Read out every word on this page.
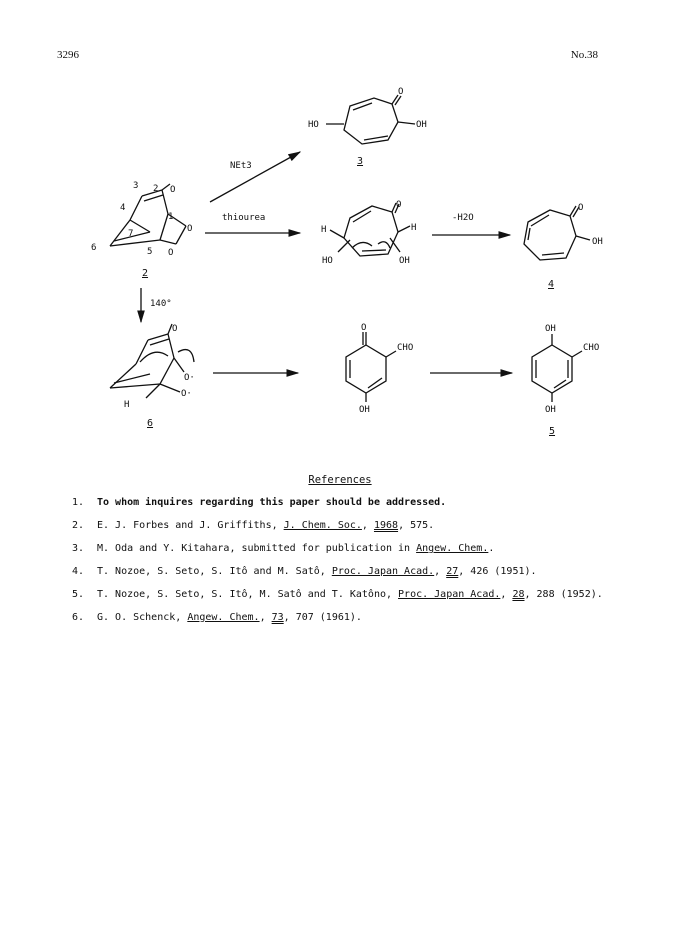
3296	No.38
O
HO	OH
3
3 2 O
4
1
7	O
6	5 O
2
NEt3
thiourea
140°
O
H	H
HO	OH
-H2O
O
OH
4
O
O·
O·
H
6
O
CHO
OH
OH
CHO
OH
5
References
1. To whom inquires regarding this paper should be addressed.
2. E. J. Forbes and J. Griffiths, J. Chem. Soc., 1968, 575.
3. M. Oda and Y. Kitahara, submitted for publication in Angew. Chem..
4. T. Nozoe, S. Seto, S. Itô and M. Satô, Proc. Japan Acad., 27, 426 (1951).
5. T. Nozoe, S. Seto, S. Itô, M. Satô and T. Katôno, Proc. Japan Acad., 28, 288 (1952).
6. G. O. Schenck, Angew. Chem., 73, 707 (1961).
